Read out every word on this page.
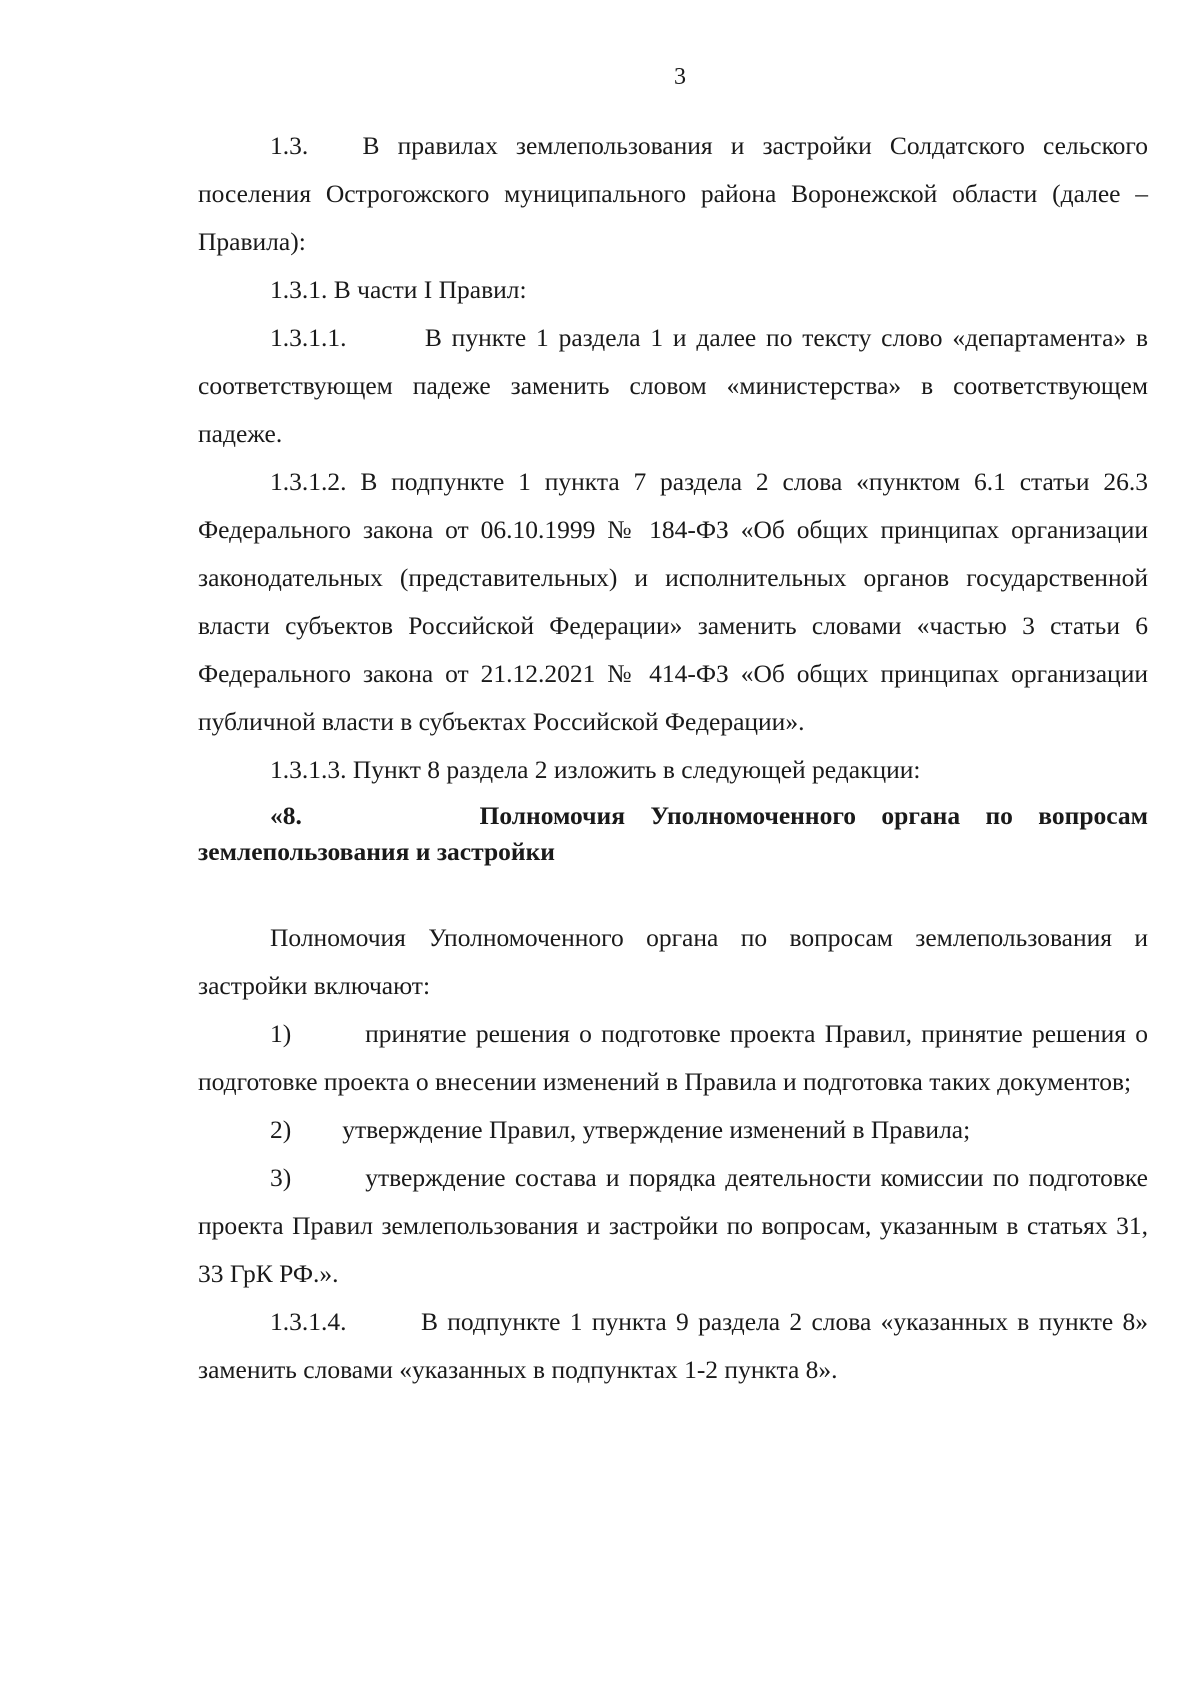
3

1.3.   В правилах землепользования и застройки Солдатского сельского поселения Острогожского муниципального района Воронежской области (далее – Правила):

1.3.1. В части I Правил:

1.3.1.1.        В пункте 1 раздела 1 и далее по тексту слово «департамента» в соответствующем падеже заменить словом «министерства» в соответствующем падеже.

1.3.1.2. В подпункте 1 пункта 7 раздела 2 слова «пунктом 6.1 статьи 26.3 Федерального закона от 06.10.1999 № 184-ФЗ «Об общих принципах организации законодательных (представительных) и исполнительных органов государственной власти субъектов Российской Федерации» заменить словами «частью 3 статьи 6 Федерального закона от 21.12.2021 № 414-ФЗ «Об общих принципах организации публичной власти в субъектах Российской Федерации».

1.3.1.3. Пункт 8 раздела 2 изложить в следующей редакции:

«8.       Полномочия Уполномоченного органа по вопросам землепользования и застройки

Полномочия Уполномоченного органа по вопросам землепользования и застройки включают:

1)        принятие решения о подготовке проекта Правил, принятие решения о подготовке проекта о внесении изменений в Правила и подготовка таких документов;

2)        утверждение Правил, утверждение изменений в Правила;

3)        утверждение состава и порядка деятельности комиссии по подготовке проекта Правил землепользования и застройки по вопросам, указанным в статьях 31, 33 ГрК РФ.».

1.3.1.4.        В подпункте 1 пункта 9 раздела 2 слова «указанных в пункте 8» заменить словами «указанных в подпунктах 1-2 пункта 8».
